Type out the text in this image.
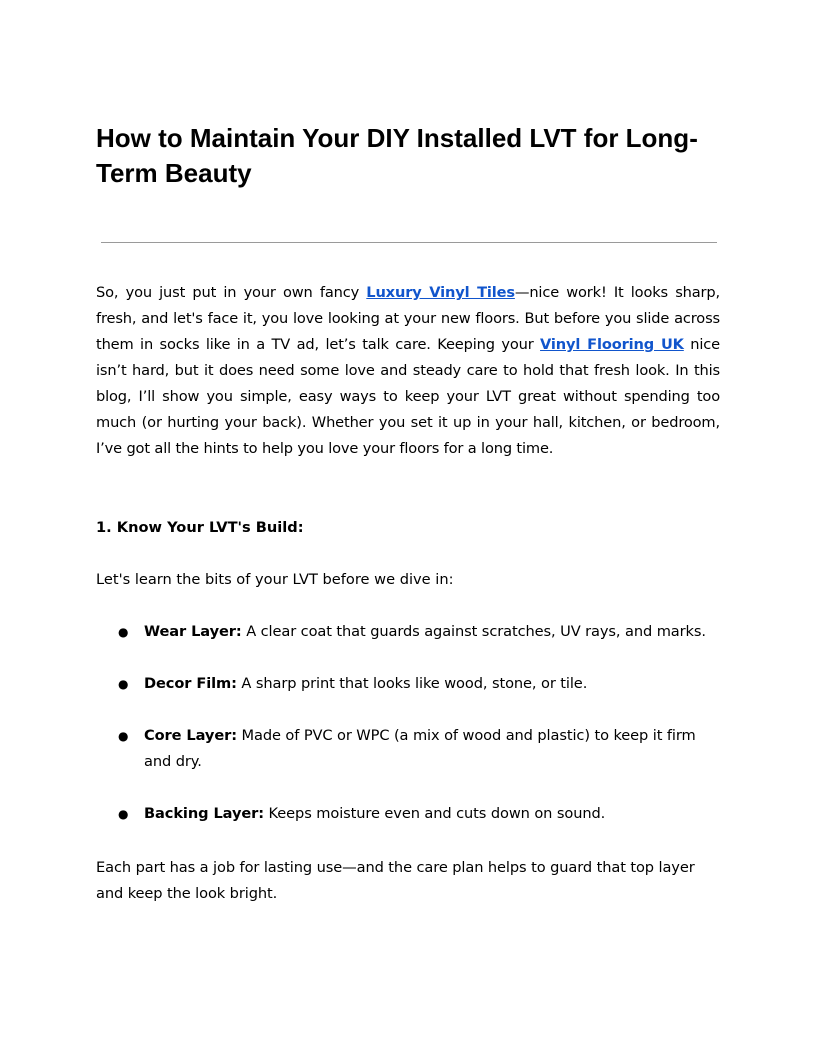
How to Maintain Your DIY Installed LVT for Long-Term Beauty

So, you just put in your own fancy Luxury Vinyl Tiles—nice work! It looks sharp, fresh, and let's face it, you love looking at your new floors. But before you slide across them in socks like in a TV ad, let’s talk care. Keeping your Vinyl Flooring UK nice isn’t hard, but it does need some love and steady care to hold that fresh look. In this blog, I’ll show you simple, easy ways to keep your LVT great without spending too much (or hurting your back). Whether you set it up in your hall, kitchen, or bedroom, I’ve got all the hints to help you love your floors for a long time.

1. Know Your LVT's Build:

Let's learn the bits of your LVT before we dive in:

● Wear Layer: A clear coat that guards against scratches, UV rays, and marks.
● Decor Film: A sharp print that looks like wood, stone, or tile.
● Core Layer: Made of PVC or WPC (a mix of wood and plastic) to keep it firm and dry.
● Backing Layer: Keeps moisture even and cuts down on sound.

Each part has a job for lasting use—and the care plan helps to guard that top layer and keep the look bright.
